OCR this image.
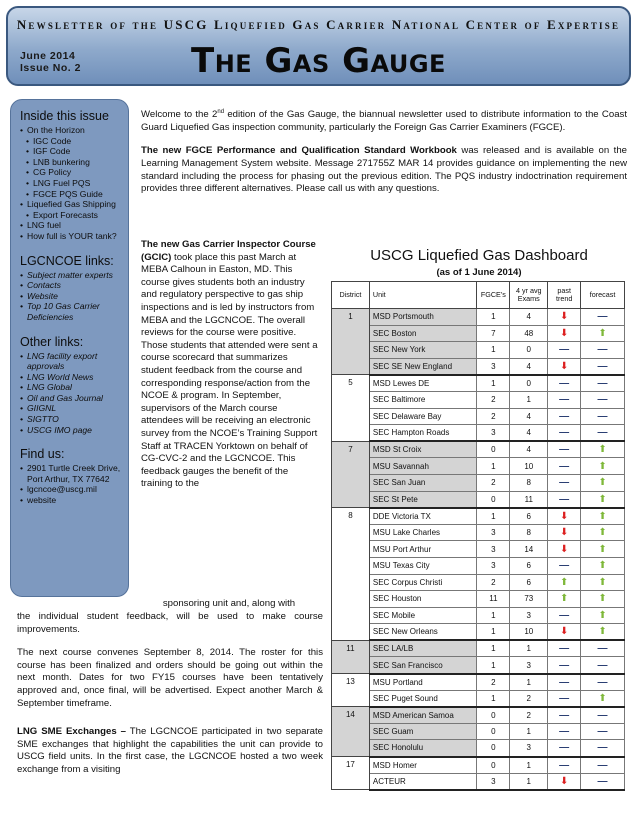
Newsletter of the USCG Liquefied Gas Carrier National Center of Expertise
June 2014
Issue No. 2	The Gas Gauge
Inside this issue
• On the Horizon
• IGC Code
• IGF Code
• LNB bunkering
• CG Policy
• LNG Fuel PQS
• FGCE PQS Guide
• Liquefied Gas Shipping
• Export Forecasts
• LNG fuel
• How full is YOUR tank?
LGCNCOE links:
• Subject matter experts
• Contacts
• Website
• Top 10 Gas Carrier Deficiencies
Other links:
• LNG facility export approvals
• LNG World News
• LNG Global
• Oil and Gas Journal
• GIIGNL
• SIGTTO
• USCG IMO page
Find us:
• 2901 Turtle Creek Drive, Port Arthur, TX 77642
• lgcncoe@uscg.mil
• website

Welcome to the 2nd edition of the Gas Gauge, the biannual newsletter used to distribute information to the Coast Guard Liquefied Gas inspection community, particularly the Foreign Gas Carrier Examiners (FGCE).

The new FGCE Performance and Qualification Standard Workbook was released and is available on the Learning Management System website. Message 271755Z MAR 14 provides guidance on implementing the new standard including the process for phasing out the previous edition. The PQS industry indoctrination requirement provides three different alternatives. Please call us with any questions.

The new Gas Carrier Inspector Course (GCIC) took place this past March at MEBA Calhoun in Easton, MD. This course gives students both an industry and regulatory perspective to gas ship inspections and is led by instructors from MEBA and the LGCNCOE. The overall reviews for the course were positive. Those students that attended were sent a course scorecard that summarizes student feedback from the course and corresponding response/action from the NCOE & program. In September, supervisors of the March course attendees will be receiving an electronic survey from the NCOE’s Training Support Staff at TRACEN Yorktown on behalf of CG-CVC-2 and the LGCNCOE. This feedback gauges the benefit of the training to the
sponsoring unit and, along with

the individual student feedback, will be used to make course improvements.

The next course convenes September 8, 2014. The roster for this course has been finalized and orders should be going out within the next month. Dates for two FY15 courses have been tentatively approved and, once final, will be advertised. Expect another March & September timeframe.

LNG SME Exchanges – The LGCNCOE participated in two separate SME exchanges that highlight the capabilities the unit can provide to USCG field units. In the first case, the LGCNCOE hosted a two week exchange from a visiting

USCG Liquefied Gas Dashboard
(as of 1 June 2014)
District	Unit	FGCE’s	4 yr avg Exams	past trend	forecast
1	MSD Portsmouth	1	4	⬇	—
	SEC Boston	7	48	⬇	⬆
	SEC New York	1	0	—	—
	SEC SE New England	3	4	⬇	—
5	MSD Lewes DE	1	0	—	—
	SEC Baltimore	2	1	—	—
	SEC Delaware Bay	2	4	—	—
	SEC Hampton Roads	3	4	—	—
7	MSD St Croix	0	4	—	⬆
	MSU Savannah	1	10	—	⬆
	SEC San Juan	2	8	—	⬆
	SEC St Pete	0	11	—	⬆
8	DDE Victoria TX	1	6	⬇	⬆
	MSU Lake Charles	3	8	⬇	⬆
	MSU Port Arthur	3	14	⬇	⬆
	MSU Texas City	3	6	—	⬆
	SEC Corpus Christi	2	6	⬆	⬆
	SEC Houston	11	73	⬆	⬆
	SEC Mobile	1	3	—	⬆
	SEC New Orleans	1	10	⬇	⬆
11	SEC LA/LB	1	1	—	—
	SEC San Francisco	1	3	—	—
13	MSU Portland	2	1	—	—
	SEC Puget Sound	1	2	—	⬆
14	MSD American Samoa	0	2	—	—
	SEC Guam	0	1	—	—
	SEC Honolulu	0	3	—	—
17	MSD Homer	0	1	—	—
	ACTEUR	3	1	⬇	—
